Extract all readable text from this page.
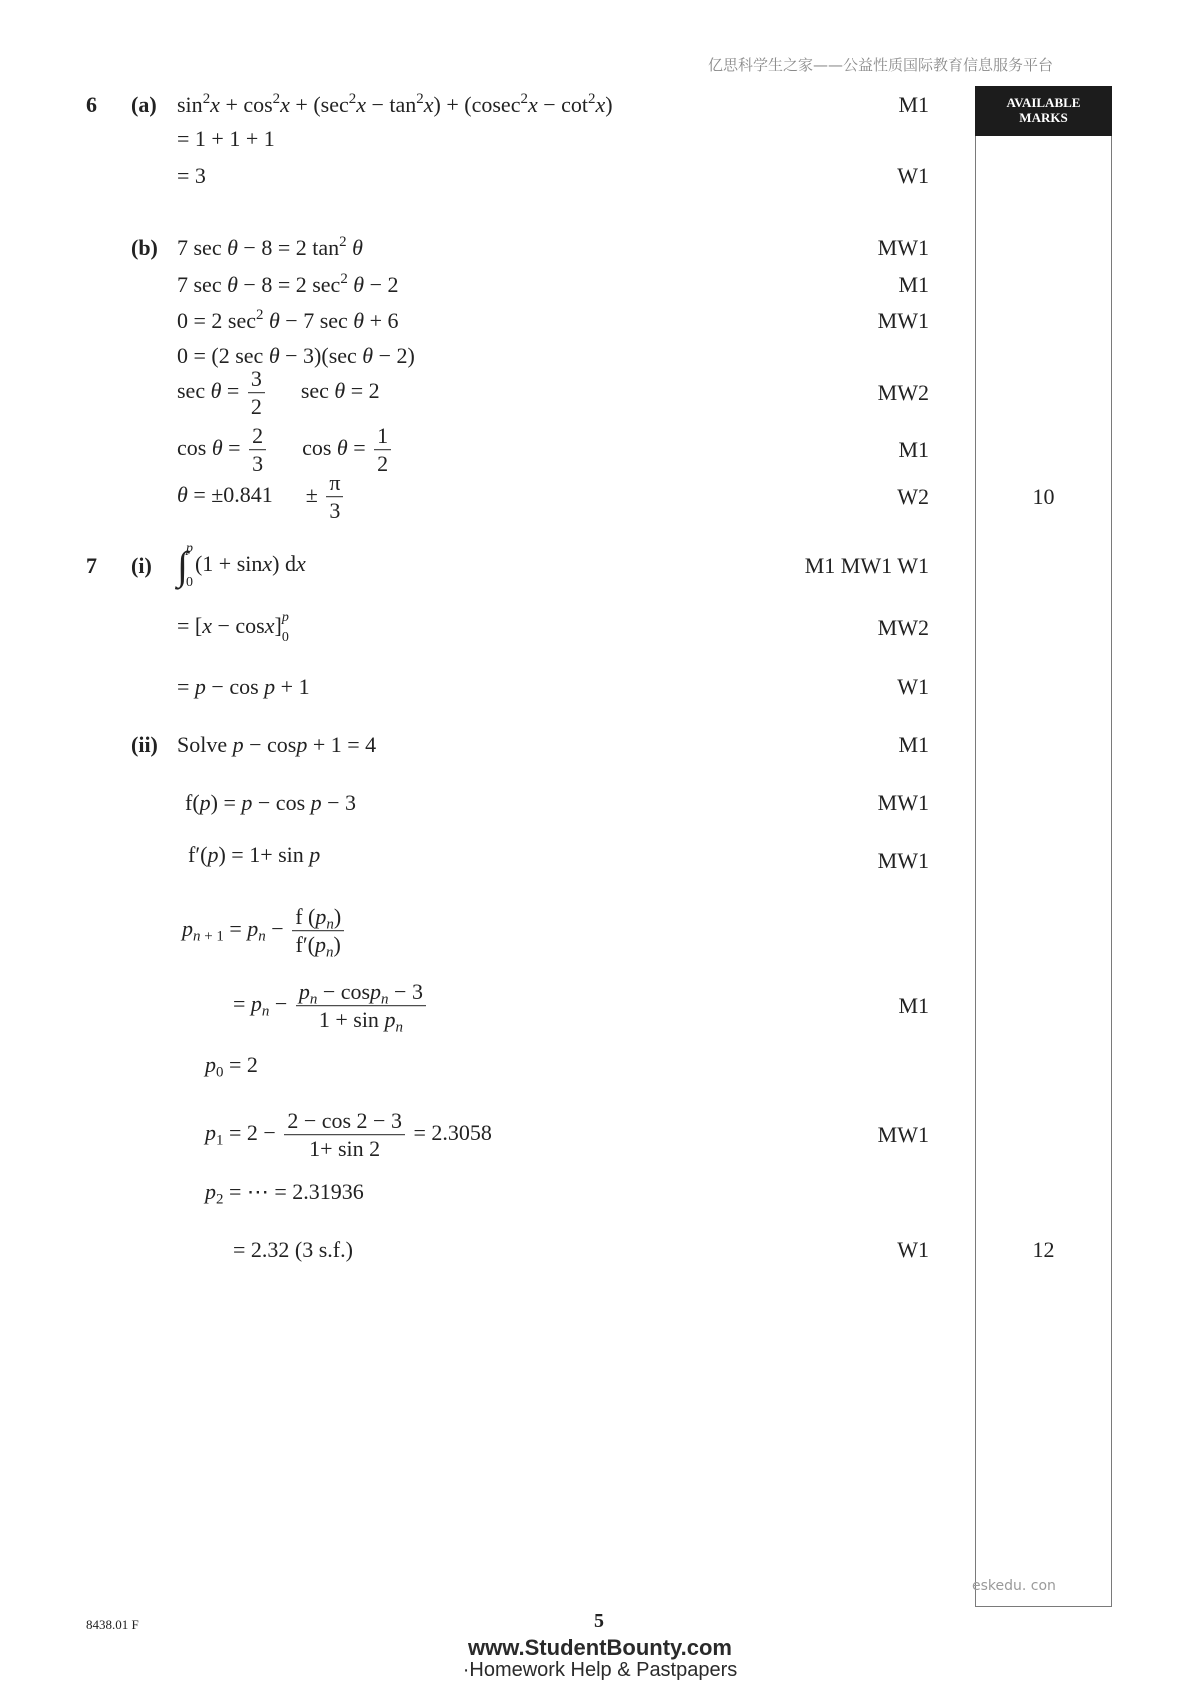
亿思科学生之家——公益性质国际教育信息服务平台
AVAILABLE
MARKS
6 (a) $\sin^2x + \cos^2x + (\sec^2x - \tan^2x) + (cosec^2x - \cot^2x)$	M1
= 1 + 1 + 1
= 3	W1
(b) 7 sec θ − 8 = 2 $\tan^2 \theta$	MW1
7 sec θ − 8 = 2 $\sec^2 \theta - 2$	M1
0 = 2 $\sec^2 \theta - 7$ sec θ + 6	MW1
0 = (2 sec θ − 3)(sec θ − 2)
$\sec \theta = \frac{3}{2}$   sec θ = 2	MW2
$\cos \theta = \frac{2}{3}$   $\cos \theta = \frac{1}{2}$	M1
θ = ±0.841  ± $\frac{\pi}{3}$	W2	10
7 (i) ∫
p
0
(1 + sinx) dx	M1 MW1 W1
= [x − cosx] p
0	MW2
= p − cos p + 1	W1
(ii) Solve p − cosp + 1 = 4	M1
f(p) = p − cos p − 3	MW1
f′(p) = 1+ sin p	MW1
$p_{n + 1} = p_n - \frac{f (p_n)}{f'(p_n)}$
= $p_n - \frac{p_n - \cos p_n - 3}{1 + \sin p_n}$	M1
$p_0 = 2$
$p_1 = 2 - \frac{2 - \cos 2 - 3}{1+ \sin 2} = 2.3058$	MW1
$p_2$ = ⋯ = 2.31936
= 2.32 (3 s.f.)	W1	12
eskedu. con
8438.01 F	5
www.StudentBounty.com
·Homework Help & Pastpapers
